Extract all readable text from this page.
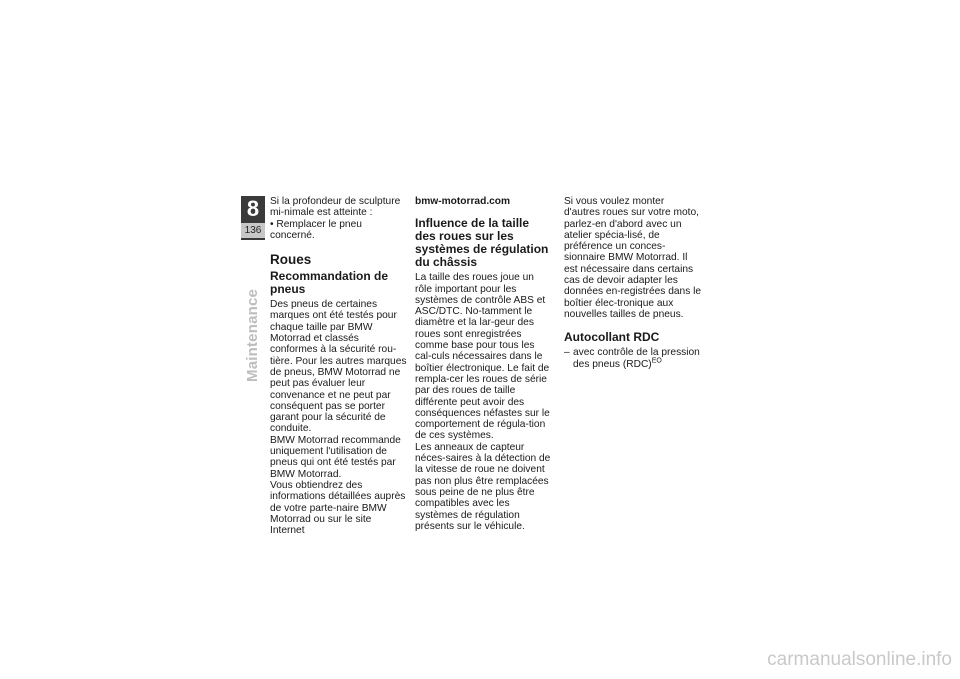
8
136
Maintenance

Si la profondeur de sculpture mi-nimale est atteinte :

• Remplacer le pneu concerné.

Roues
Recommandation de pneus

Des pneus de certaines marques ont été testés pour chaque taille par BMW Motorrad et classés conformes à la sécurité rou-tière. Pour les autres marques de pneus, BMW Motorrad ne peut pas évaluer leur convenance et ne peut par conséquent pas se porter garant pour la sécurité de conduite.

BMW Motorrad recommande uniquement l'utilisation de pneus qui ont été testés par BMW Motorrad.

Vous obtiendrez des informations détaillées auprès de votre parte-naire BMW Motorrad ou sur le site Internet

bmw-motorrad.com

Influence de la taille des roues sur les systèmes de régulation du châssis

La taille des roues joue un rôle important pour les systèmes de contrôle ABS et ASC/DTC. No-tamment le diamètre et la lar-geur des roues sont enregistrées comme base pour tous les cal-culs nécessaires dans le boîtier électronique. Le fait de rempla-cer les roues de série par des roues de taille différente peut avoir des conséquences néfastes sur le comportement de régula-tion de ces systèmes.

Les anneaux de capteur néces-saires à la détection de la vitesse de roue ne doivent pas non plus être remplacées sous peine de ne plus être compatibles avec les systèmes de régulation présents sur le véhicule.

Si vous voulez monter d'autres roues sur votre moto, parlez-en d'abord avec un atelier spécia-lisé, de préférence un conces-sionnaire BMW Motorrad. Il est nécessaire dans certains cas de devoir adapter les données en-registrées dans le boîtier élec-tronique aux nouvelles tailles de pneus.

Autocollant RDC

– avec contrôle de la pression des pneus (RDC)$^{EO}$

carmanualsonline.info
